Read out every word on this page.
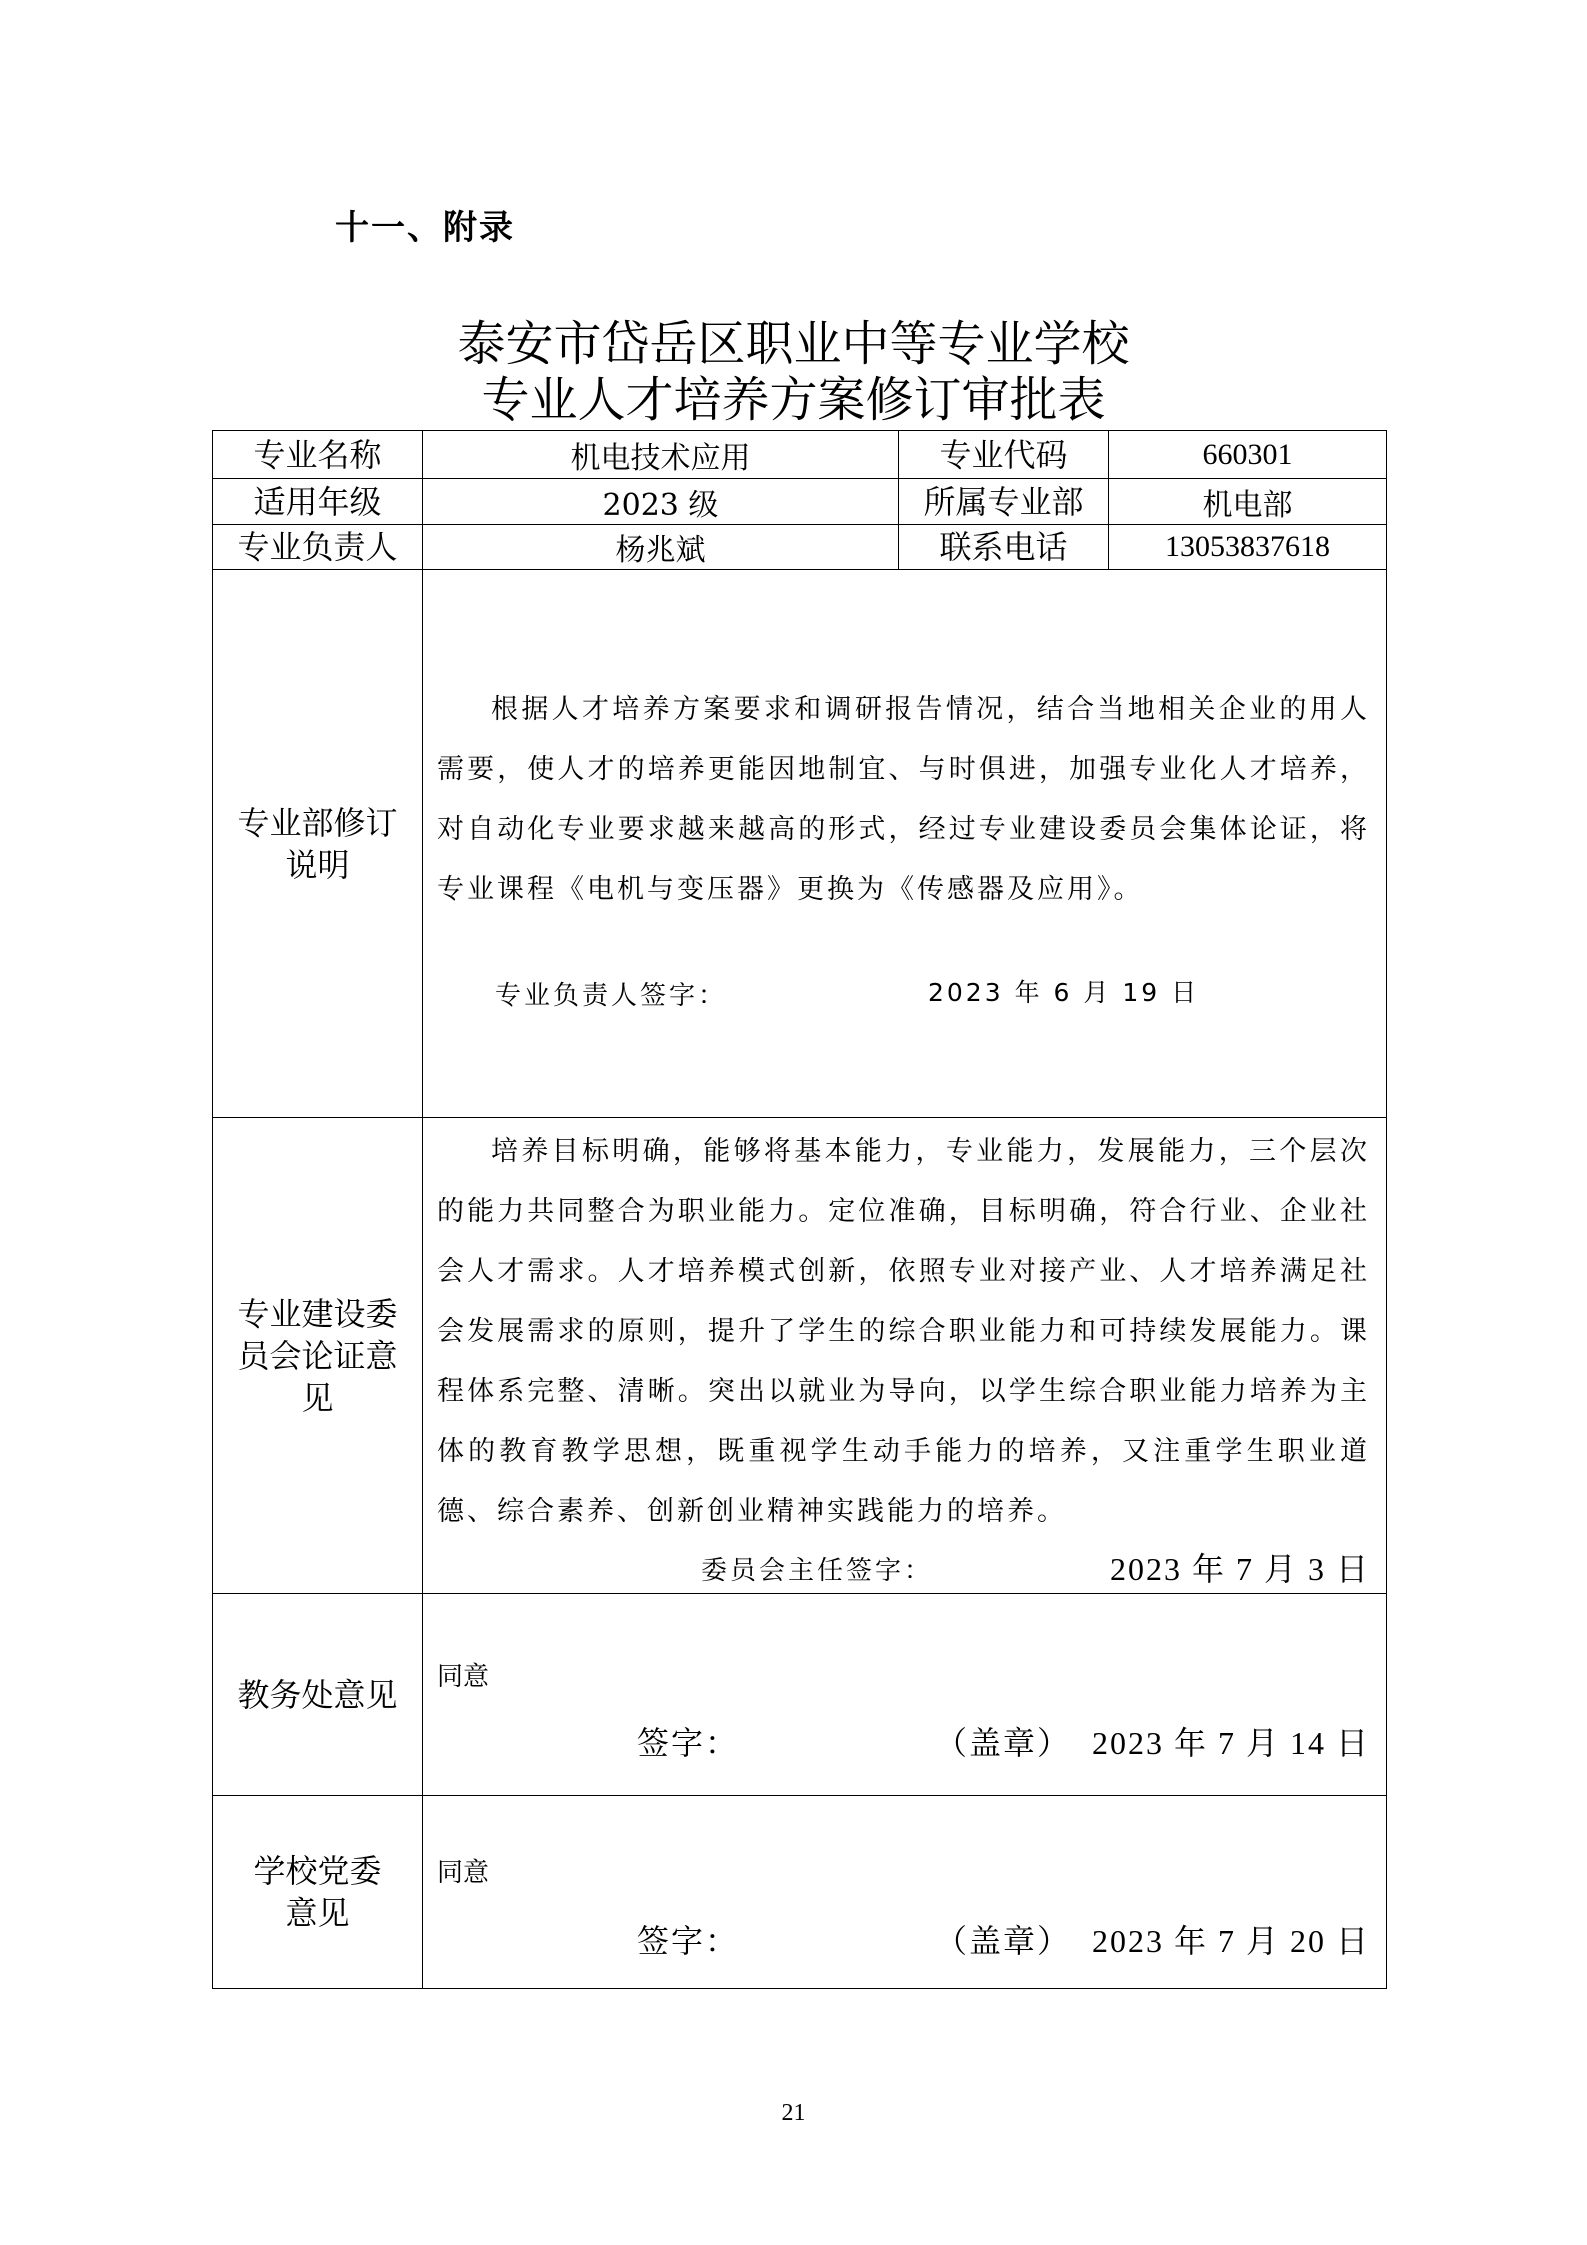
十一、附录
泰安市岱岳区职业中等专业学校
专业人才培养方案修订审批表
专业名称	机电技术应用	专业代码	660301
适用年级	2023 级	所属专业部	机电部
专业负责人	杨兆斌	联系电话	13053837618
专业部修订说明	根据人才培养方案要求和调研报告情况，结合当地相关企业的用人需要，使人才的培养更能因地制宜、与时俱进，加强专业化人才培养，对自动化专业要求越来越高的形式，经过专业建设委员会集体论证，将专业课程《电机与变压器》更换为《传感器及应用》。
专业负责人签字： 2023 年 6 月 19 日		

专业建设委员会论证意见	培养目标明确，能够将基本能力，专业能力，发展能力，三个层次的能力共同整合为职业能力。定位准确，目标明确，符合行业、企业社会人才需求。人才培养模式创新，依照专业对接产业、人才培养满足社会发展需求的原则，提升了学生的综合职业能力和可持续发展能力。课程体系完整、清晰。突出以就业为导向，以学生综合职业能力培养为主体的教育教学思想，既重视学生动手能力的培养，又注重学生职业道德、综合素养、创新创业精神实践能力的培养。
委员会主任签字： 2023 年 7 月 3 日		

教务处意见	同意
签字： （盖章） 2023 年 7 月 14 日		

学校党委意见	同意
签字： （盖章） 2023 年 7 月 20 日		
21
